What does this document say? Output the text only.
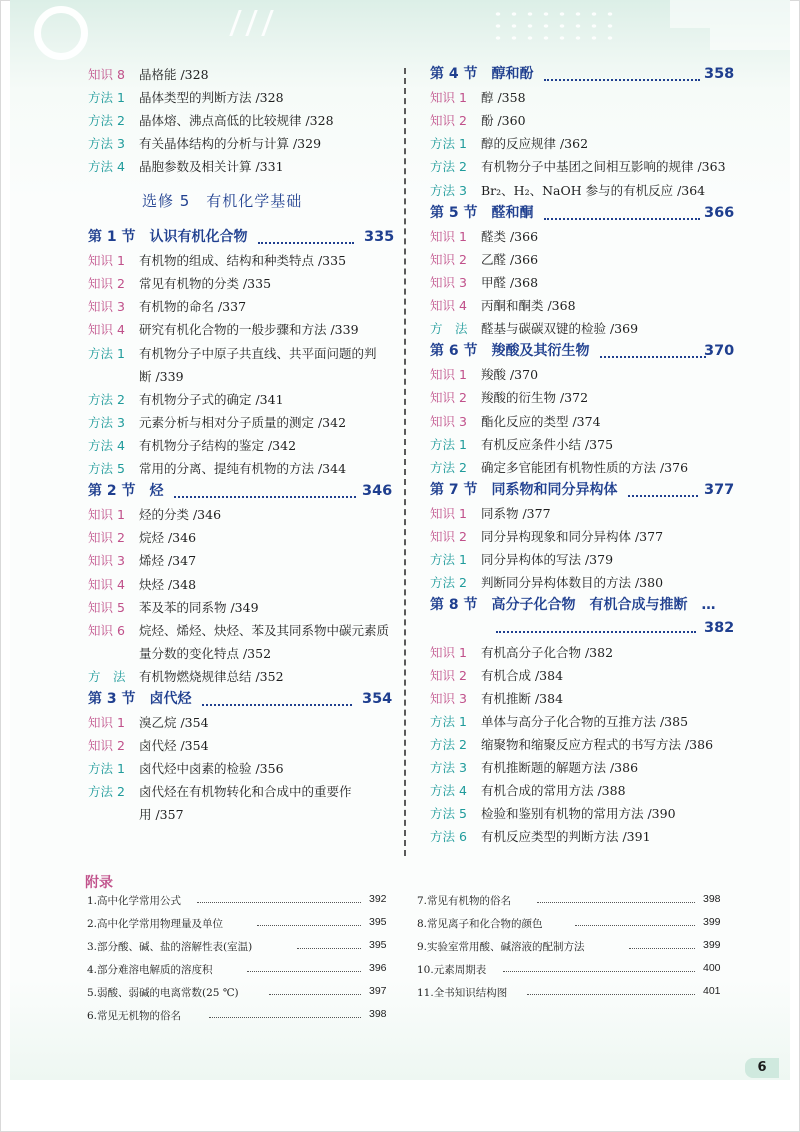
知识 8 晶格能 /328
方法 1 晶体类型的判断方法 /328
方法 2 晶体熔、沸点高低的比较规律 /328
方法 3 有关晶体结构的分析与计算 /329
方法 4 晶胞参数及相关计算 /331
第 1 节　认识有机化合物	335
知识 1 有机物的组成、结构和种类特点 /335
知识 2 常见有机物的分类 /335
知识 3 有机物的命名 /337
知识 4 研究有机化合物的一般步骤和方法 /339
方法 1 有机物分子中原子共直线、共平面问题的判
断 /339
方法 2 有机物分子式的确定 /341
方法 3 元素分析与相对分子质量的测定 /342
方法 4 有机物分子结构的鉴定 /342
方法 5 常用的分离、提纯有机物的方法 /344
第 2 节　烃	346
知识 1 烃的分类 /346
知识 2 烷烃 /346
知识 3 烯烃 /347
知识 4 炔烃 /348
知识 5 苯及苯的同系物 /349
知识 6 烷烃、烯烃、炔烃、苯及其同系物中碳元素质
量分数的变化特点 /352
方　法 有机物燃烧规律总结 /352
第 3 节　卤代烃	354
知识 1 溴乙烷 /354
知识 2 卤代烃 /354
方法 1 卤代烃中卤素的检验 /356
方法 2 卤代烃在有机物转化和合成中的重要作
用 /357
第 4 节　醇和酚	358
知识 1 醇 /358
知识 2 酚 /360
方法 1 醇的反应规律 /362
方法 2 有机物分子中基团之间相互影响的规律 /363
方法 3 Br₂、H₂、NaOH 参与的有机反应 /364
第 5 节　醛和酮	366
知识 1 醛类 /366
知识 2 乙醛 /366
知识 3 甲醛 /368
知识 4 丙酮和酮类 /368
方　法 醛基与碳碳双键的检验 /369
第 6 节　羧酸及其衍生物	370
知识 1 羧酸 /370
知识 2 羧酸的衍生物 /372
知识 3 酯化反应的类型 /374
方法 1 有机反应条件小结 /375
方法 2 确定多官能团有机物性质的方法 /376
第 7 节　同系物和同分异构体	377
知识 1 同系物 /377
知识 2 同分异构现象和同分异构体 /377
方法 1 同分异构体的写法 /379
方法 2 判断同分异构体数目的方法 /380
第 8 节　高分子化合物　有机合成与推断　…
382
知识 1 有机高分子化合物 /382
知识 2 有机合成 /384
知识 3 有机推断 /384
方法 1 单体与高分子化合物的互推方法 /385
方法 2 缩聚物和缩聚反应方程式的书写方法 /386
方法 3 有机推断题的解题方法 /386
方法 4 有机合成的常用方法 /388
方法 5 检验和鉴别有机物的常用方法 /390
方法 6 有机反应类型的判断方法 /391
选修 5　有机化学基础
附录
1.高中化学常用公式	392
2.高中化学常用物理量及单位	395
3.部分酸、碱、盐的溶解性表(室温)	395
4.部分难溶电解质的溶度积	396
5.弱酸、弱碱的电离常数(25 ℃)	397
6.常见无机物的俗名	398
7.常见有机物的俗名	398
8.常见离子和化合物的颜色	399
9.实验室常用酸、碱溶液的配制方法	399
10.元素周期表	400
11.全书知识结构图	401
6
